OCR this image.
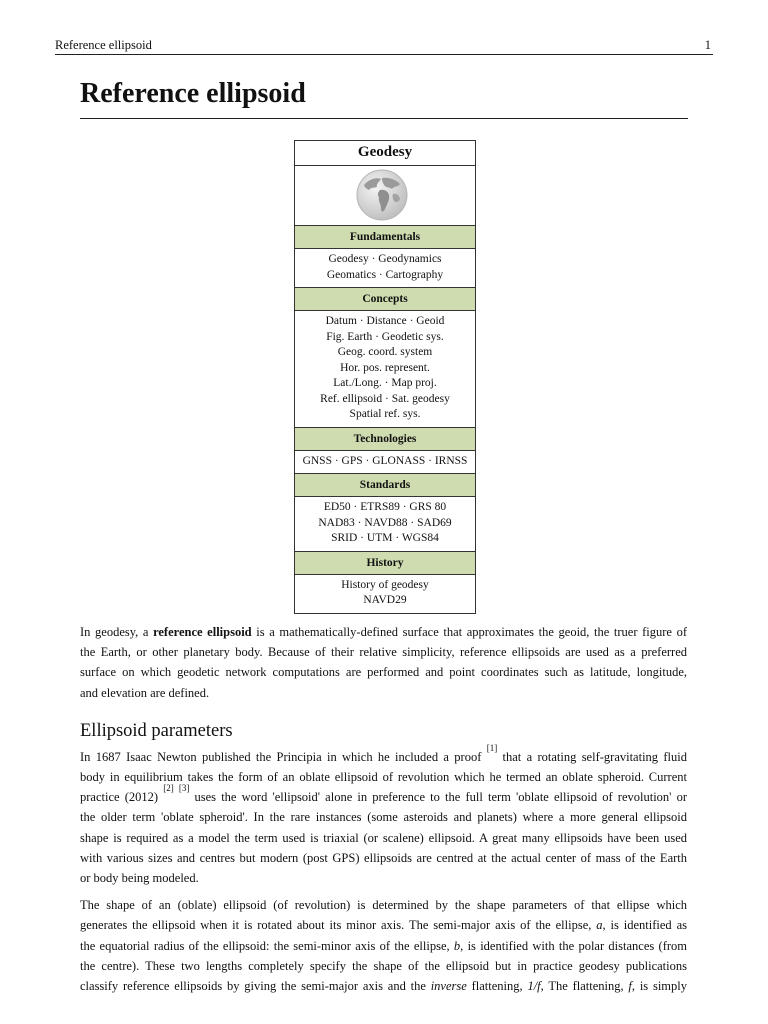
Reference ellipsoid	1
Reference ellipsoid
Geodesy
Fundamentals
Geodesy · Geodynamics
Geomatics · Cartography
Concepts
Datum · Distance · Geoid
Fig. Earth · Geodetic sys.
Geog. coord. system
Hor. pos. represent.
Lat./Long. · Map proj.
Ref. ellipsoid · Sat. geodesy
Spatial ref. sys.
Technologies
GNSS · GPS · GLONASS · IRNSS
Standards
ED50 · ETRS89 · GRS 80
NAD83 · NAVD88 · SAD69
SRID · UTM · WGS84
History
History of geodesy
NAVD29

In geodesy, a reference ellipsoid is a mathematically-defined surface that approximates the geoid, the truer figure of
the Earth, or other planetary body. Because of their relative simplicity, reference ellipsoids are used as a preferred
surface on which geodetic network computations are performed and point coordinates such as latitude, longitude,
and elevation are defined.

Ellipsoid parameters

In 1687 Isaac Newton published the Principia in which he included a proof [1] that a rotating self-gravitating fluid
body in equilibrium takes the form of an oblate ellipsoid of revolution which he termed an oblate spheroid. Current
practice (2012) [2] [3] uses the word 'ellipsoid' alone in preference to the full term 'oblate ellipsoid of revolution' or
the older term 'oblate spheroid'. In the rare instances (some asteroids and planets) where a more general ellipsoid
shape is required as a model the term used is triaxial (or scalene) ellipsoid. A great many ellipsoids have been used
with various sizes and centres but modern (post GPS) ellipsoids are centred at the actual center of mass of the Earth
or body being modeled.

The shape of an (oblate) ellipsoid (of revolution) is determined by the shape parameters of that ellipse which
generates the ellipsoid when it is rotated about its minor axis. The semi-major axis of the ellipse, a, is identified as
the equatorial radius of the ellipsoid: the semi-minor axis of the ellipse, b, is identified with the polar distances (from
the centre). These two lengths completely specify the shape of the ellipsoid but in practice geodesy publications
classify reference ellipsoids by giving the semi-major axis and the inverse flattening, 1/f, The flattening, f, is simply
